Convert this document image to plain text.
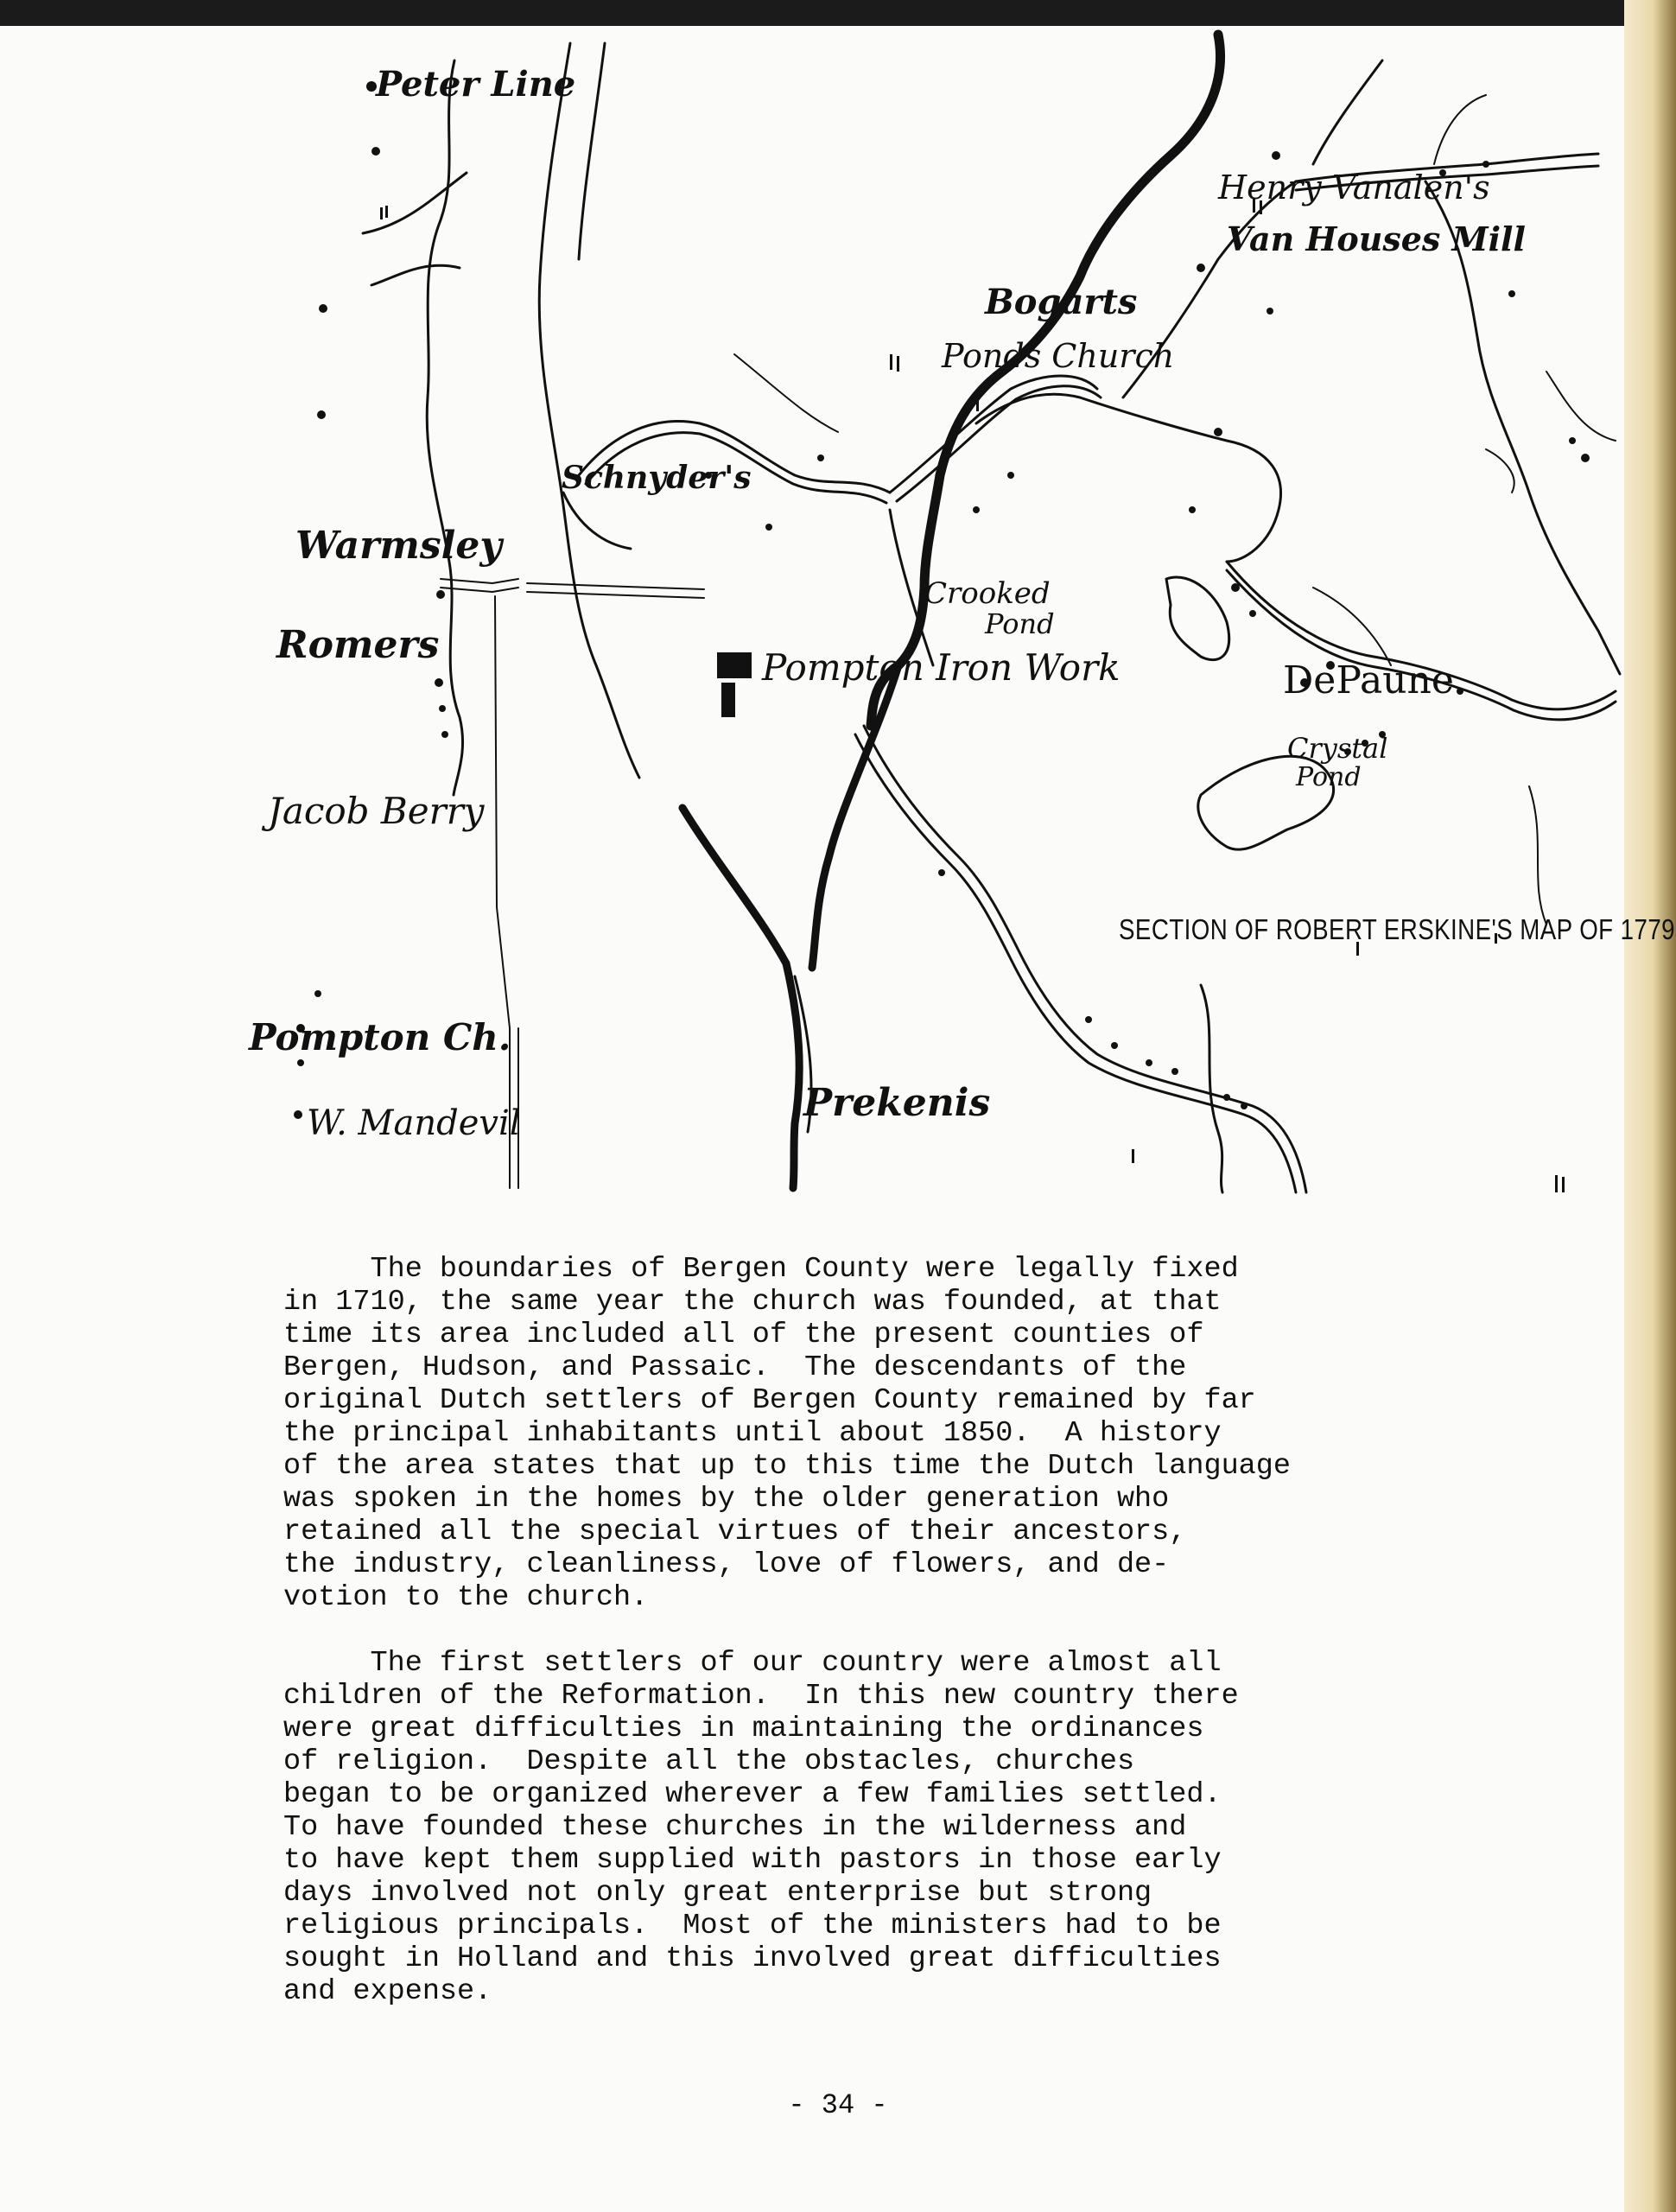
Peter Line
Henry Vanalen's
Van Houses Mill
Bogarts
Ponds Church
Schnyder's
Warmsley
Romers
Crooked
Pond
Pompton Iron Work	DePaune
Crystal
Pond
Jacob Berry
SECTION OF ROBERT ERSKINE'S MAP OF 1779
Pompton Ch.
Prekenis
W. Mandevil
The boundaries of Bergen County were legally fixed
in 1710, the same year the church was founded, at that
time its area included all of the present counties of
Bergen, Hudson, and Passaic.  The descendants of the
original Dutch settlers of Bergen County remained by far
the principal inhabitants until about 1850.  A history
of the area states that up to this time the Dutch language
was spoken in the homes by the older generation who
retained all the special virtues of their ancestors,
the industry, cleanliness, love of flowers, and de-
votion to the church.
The first settlers of our country were almost all
children of the Reformation.  In this new country there
were great difficulties in maintaining the ordinances
of religion.  Despite all the obstacles, churches
began to be organized wherever a few families settled.
To have founded these churches in the wilderness and
to have kept them supplied with pastors in those early
days involved not only great enterprise but strong
religious principals.  Most of the ministers had to be
sought in Holland and this involved great difficulties
and expense.
- 34 -
